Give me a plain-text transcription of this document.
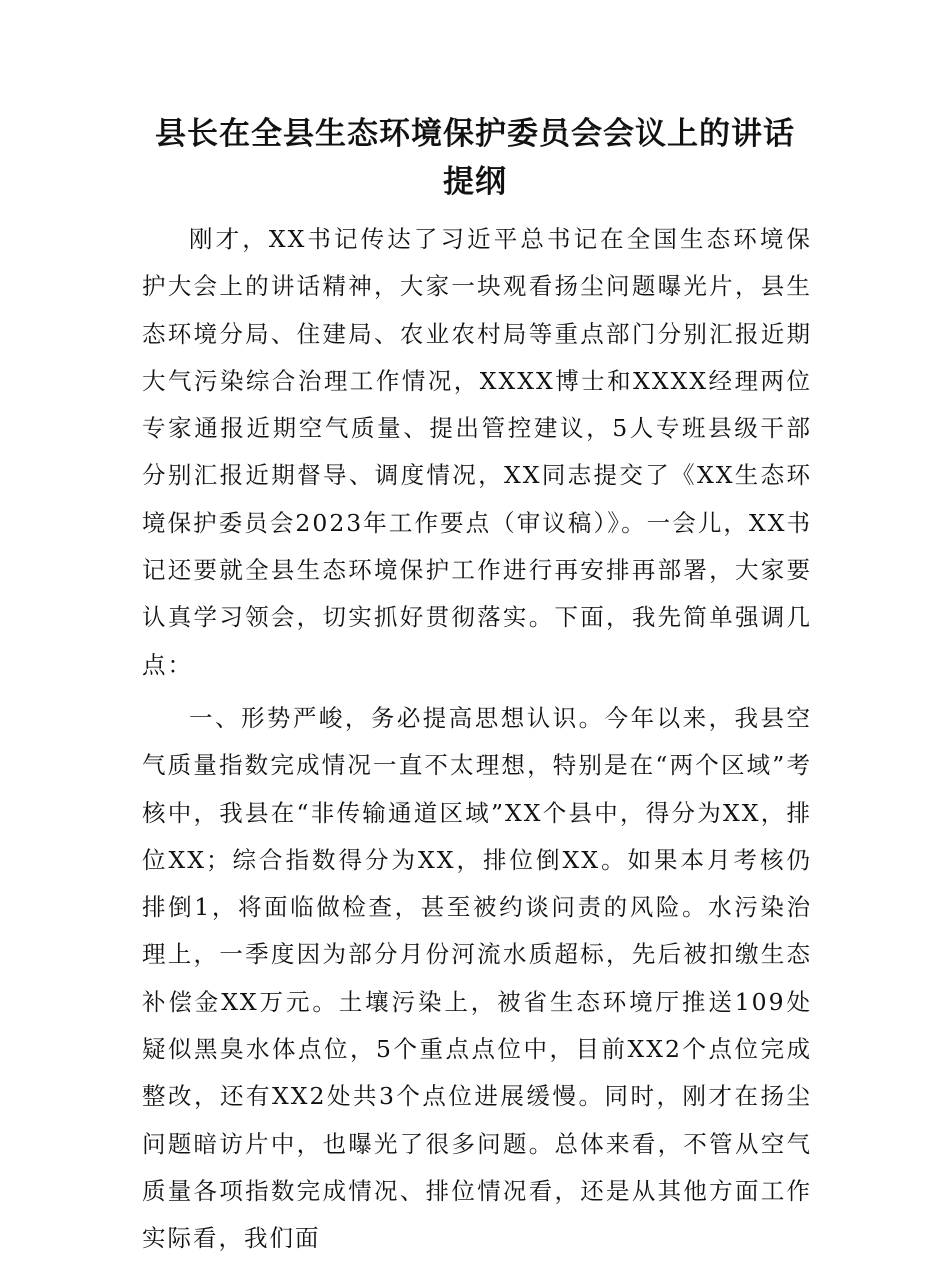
县长在全县生态环境保护委员会会议上的讲话
提纲

刚才，XX书记传达了习近平总书记在全国生态环境保护大会上的讲话精神，大家一块观看扬尘问题曝光片，县生态环境分局、住建局、农业农村局等重点部门分别汇报近期大气污染综合治理工作情况，XXXX博士和XXXX经理两位专家通报近期空气质量、提出管控建议，5人专班县级干部分别汇报近期督导、调度情况，XX同志提交了《XX生态环境保护委员会2023年工作要点（审议稿）》。一会儿，XX书记还要就全县生态环境保护工作进行再安排再部署，大家要认真学习领会，切实抓好贯彻落实。下面，我先简单强调几点：

一、形势严峻，务必提高思想认识。今年以来，我县空气质量指数完成情况一直不太理想，特别是在“两个区域”考核中，我县在“非传输通道区域”XX个县中，得分为XX，排位XX；综合指数得分为XX，排位倒XX。如果本月考核仍排倒1，将面临做检查，甚至被约谈问责的风险。水污染治理上，一季度因为部分月份河流水质超标，先后被扣缴生态补偿金XX万元。土壤污染上，被省生态环境厅推送109处疑似黑臭水体点位，5个重点点位中，目前XX2个点位完成整改，还有XX2处共3个点位进展缓慢。同时，刚才在扬尘问题暗访片中，也曝光了很多问题。总体来看，不管从空气质量各项指数完成情况、排位情况看，还是从其他方面工作实际看，我们面
